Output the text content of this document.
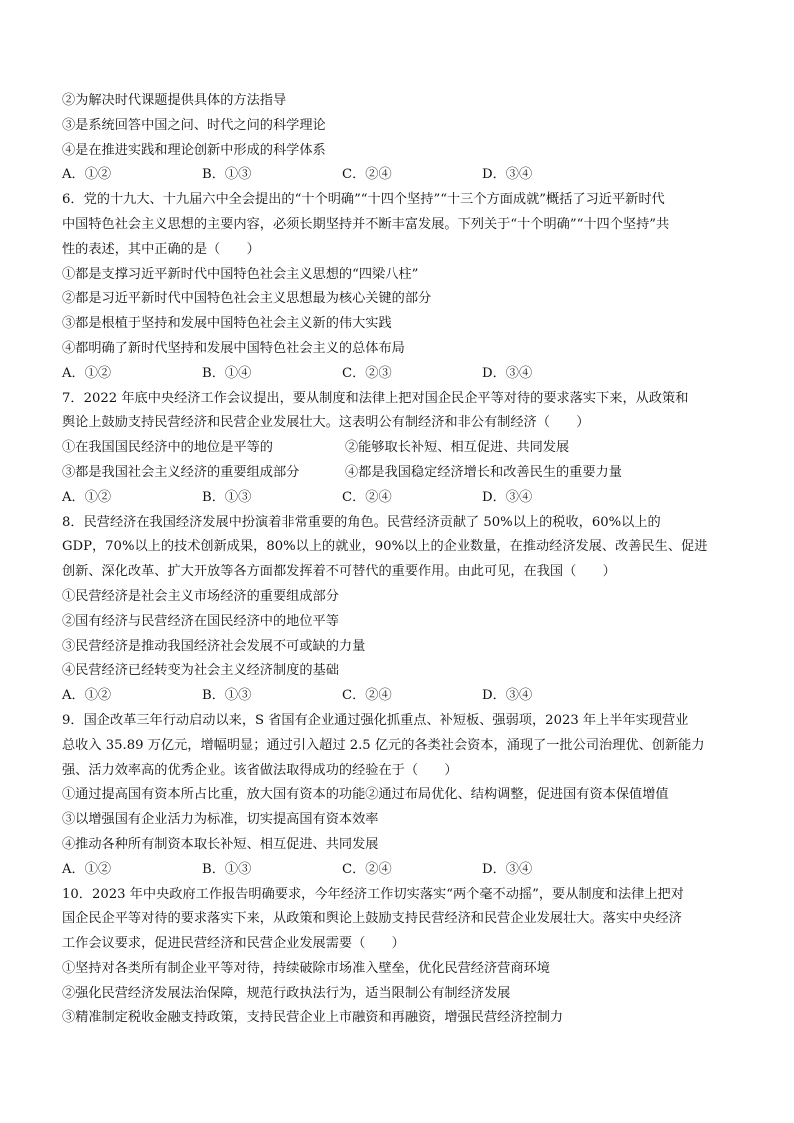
②为解决时代课题提供具体的方法指导
③是系统回答中国之问、时代之问的科学理论
④是在推进实践和理论创新中形成的科学体系
A．①②	B．①③	C．②④	D．③④
6．党的十九大、十九届六中全会提出的“十个明确”“十四个坚持”“十三个方面成就”概括了习近平新时代
中国特色社会主义思想的主要内容，必须长期坚持并不断丰富发展。下列关于“十个明确”“十四个坚持”共
性的表述，其中正确的是（　　）
①都是支撑习近平新时代中国特色社会主义思想的“四梁八柱”
②都是习近平新时代中国特色社会主义思想最为核心关键的部分
③都是根植于坚持和发展中国特色社会主义新的伟大实践
④都明确了新时代坚持和发展中国特色社会主义的总体布局
A．①②	B．①④	C．②③	D．③④
7．2022 年底中央经济工作会议提出，要从制度和法律上把对国企民企平等对待的要求落实下来，从政策和
舆论上鼓励支持民营经济和民营企业发展壮大。这表明公有制经济和非公有制经济（　　）
①在我国国民经济中的地位是平等的	②能够取长补短、相互促进、共同发展
③都是我国社会主义经济的重要组成部分	④都是我国稳定经济增长和改善民生的重要力量
A．①②	B．①③	C．②④	D．③④
8．民营经济在我国经济发展中扮演着非常重要的角色。民营经济贡献了 50%以上的税收，60%以上的
GDP，70%以上的技术创新成果，80%以上的就业，90%以上的企业数量，在推动经济发展、改善民生、促进
创新、深化改革、扩大开放等各方面都发挥着不可替代的重要作用。由此可见，在我国（　　）
①民营经济是社会主义市场经济的重要组成部分
②国有经济与民营经济在国民经济中的地位平等
③民营经济是推动我国经济社会发展不可或缺的力量
④民营经济已经转变为社会主义经济制度的基础
A．①②	B．①③	C．②④	D．③④
9．国企改革三年行动启动以来，S 省国有企业通过强化抓重点、补短板、强弱项，2023 年上半年实现营业
总收入 35.89 万亿元，增幅明显；通过引入超过 2.5 亿元的各类社会资本，涌现了一批公司治理优、创新能力
强、活力效率高的优秀企业。该省做法取得成功的经验在于（　　）
①通过提高国有资本所占比重，放大国有资本的功能②通过布局优化、结构调整，促进国有资本保值增值
③以增强国有企业活力为标准，切实提高国有资本效率
④推动各种所有制资本取长补短、相互促进、共同发展
A．①②	B．①③	C．②④	D．③④
10．2023 年中央政府工作报告明确要求，今年经济工作切实落实“两个毫不动摇”，要从制度和法律上把对
国企民企平等对待的要求落实下来，从政策和舆论上鼓励支持民营经济和民营企业发展壮大。落实中央经济
工作会议要求，促进民营经济和民营企业发展需要（　　）
①坚持对各类所有制企业平等对待，持续破除市场准入壁垒，优化民营经济营商环境
②强化民营经济发展法治保障，规范行政执法行为，适当限制公有制经济发展
③精准制定税收金融支持政策，支持民营企业上市融资和再融资，增强民营经济控制力
